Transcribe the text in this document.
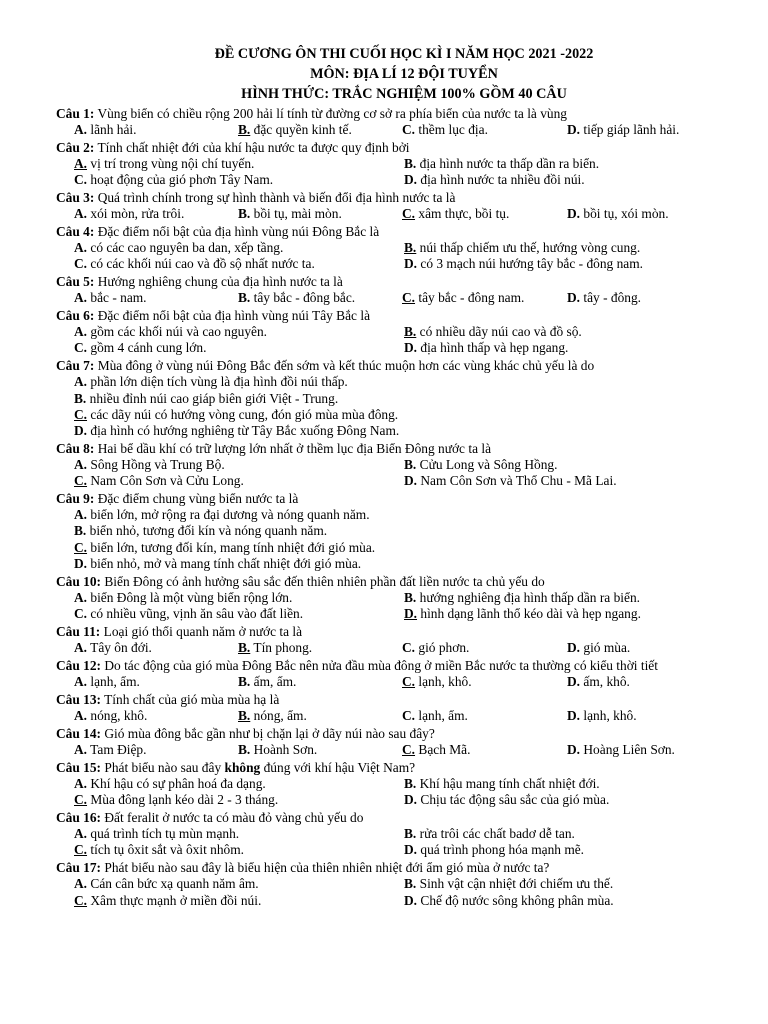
ĐỀ CƯƠNG ÔN THI CUỐI HỌC KÌ I NĂM HỌC 2021 -2022
MÔN: ĐỊA LÍ 12 ĐỘI TUYỂN
HÌNH THỨC: TRẮC NGHIỆM 100% GỒM 40 CÂU
Câu 1: Vùng biển có chiều rộng 200 hải lí tính từ đường cơ sở ra phía biển của nước ta là vùng
A. lãnh hải.	B. đặc quyền kinh tế.	C. thềm lục địa.	D. tiếp giáp lãnh hải.
Câu 2: Tính chất nhiệt đới của khí hậu nước ta được quy định bởi
A. vị trí trong vùng nội chí tuyến.	B. địa hình nước ta thấp dần ra biển.
C. hoạt động của gió phơn Tây Nam.	D. địa hình nước ta nhiều đồi núi.
Câu 3: Quá trình chính trong sự hình thành và biến đổi địa hình nước ta là
A. xói mòn, rửa trôi.	B. bồi tụ, mài mòn.	C. xâm thực, bồi tụ.	D. bồi tụ, xói mòn.
Câu 4: Đặc điểm nổi bật của địa hình vùng núi Đông Bắc là
A. có các cao nguyên ba dan, xếp tầng.	B. núi thấp chiếm ưu thế, hướng vòng cung.
C. có các khối núi cao và đồ sộ nhất nước ta.	D. có 3 mạch núi hướng tây bắc - đông nam.
Câu 5: Hướng nghiêng chung của địa hình nước ta là
A. bắc - nam.	B. tây bắc - đông bắc.	C. tây bắc - đông nam.	D. tây - đông.
Câu 6: Đặc điểm nổi bật của địa hình vùng núi Tây Bắc là
A. gồm các khối núi và cao nguyên.	B. có nhiều dãy núi cao và đồ sộ.
C. gồm 4 cánh cung lớn.	D. địa hình thấp và hẹp ngang.
Câu 7: Mùa đông ở vùng núi Đông Bắc đến sớm và kết thúc muộn hơn các vùng khác chủ yếu là do
A. phần lớn diện tích vùng là địa hình đồi núi thấp.
B. nhiều đỉnh núi cao giáp biên giới Việt - Trung.
C. các dãy núi có hướng vòng cung, đón gió mùa mùa đông.
D. địa hình có hướng nghiêng từ Tây Bắc xuống Đông Nam.
Câu 8: Hai bể dầu khí có trữ lượng lớn nhất ở thềm lục địa Biển Đông nước ta là
A. Sông Hồng và Trung Bộ.	B. Cửu Long và Sông Hồng.
C. Nam Côn Sơn và Cửu Long.	D. Nam Côn Sơn và Thổ Chu - Mã Lai.
Câu 9: Đặc điểm chung vùng biển nước ta là
A. biển lớn, mở rộng ra đại dương và nóng quanh năm.
B. biển nhỏ, tương đối kín và nóng quanh năm.
C. biển lớn, tương đối kín, mang tính nhiệt đới gió mùa.
D. biển nhỏ, mở và mang tính chất nhiệt đới gió mùa.
Câu 10: Biển Đông có ảnh hưởng sâu sắc đến thiên nhiên phần đất liền nước ta chủ yếu do
A. biển Đông là một vùng biển rộng lớn.	B. hướng nghiêng địa hình thấp dần ra biển.
C. có nhiều vũng, vịnh ăn sâu vào đất liền.	D. hình dạng lãnh thổ kéo dài và hẹp ngang.
Câu 11: Loại gió thổi quanh năm ở nước ta là
A. Tây ôn đới.	B. Tín phong.	C. gió phơn.	D. gió mùa.
Câu 12: Do tác động của gió mùa Đông Bắc nên nửa đầu mùa đông ở miền Bắc nước ta thường có kiểu thời tiết
A. lạnh, ẩm.	B. ấm, ẩm.	C. lạnh, khô.	D. ấm, khô.
Câu 13: Tính chất của gió mùa mùa hạ là
A. nóng, khô.	B. nóng, ẩm.	C. lạnh, ẩm.	D. lạnh, khô.
Câu 14: Gió mùa đông bắc gần như bị chặn lại ở dãy núi nào sau đây?
A. Tam Điệp.	B. Hoành Sơn.	C. Bạch Mã.	D. Hoàng Liên Sơn.
Câu 15: Phát biểu nào sau đây không đúng với khí hậu Việt Nam?
A. Khí hậu có sự phân hoá đa dạng.	B. Khí hậu mang tính chất nhiệt đới.
C. Mùa đông lạnh kéo dài 2 - 3 tháng.	D. Chịu tác động sâu sắc của gió mùa.
Câu 16: Đất feralit ở nước ta có màu đỏ vàng chủ yếu do
A. quá trình tích tụ mùn mạnh.	B. rửa trôi các chất badơ dễ tan.
C. tích tụ ôxit sắt và ôxit nhôm.	D. quá trình phong hóa mạnh mẽ.
Câu 17: Phát biểu nào sau đây là biểu hiện của thiên nhiên nhiệt đới ẩm gió mùa ở nước ta?
A. Cán cân bức xạ quanh năm âm.	B. Sinh vật cận nhiệt đới chiếm ưu thế.
C. Xâm thực mạnh ở miền đồi núi.	D. Chế độ nước sông không phân mùa.
